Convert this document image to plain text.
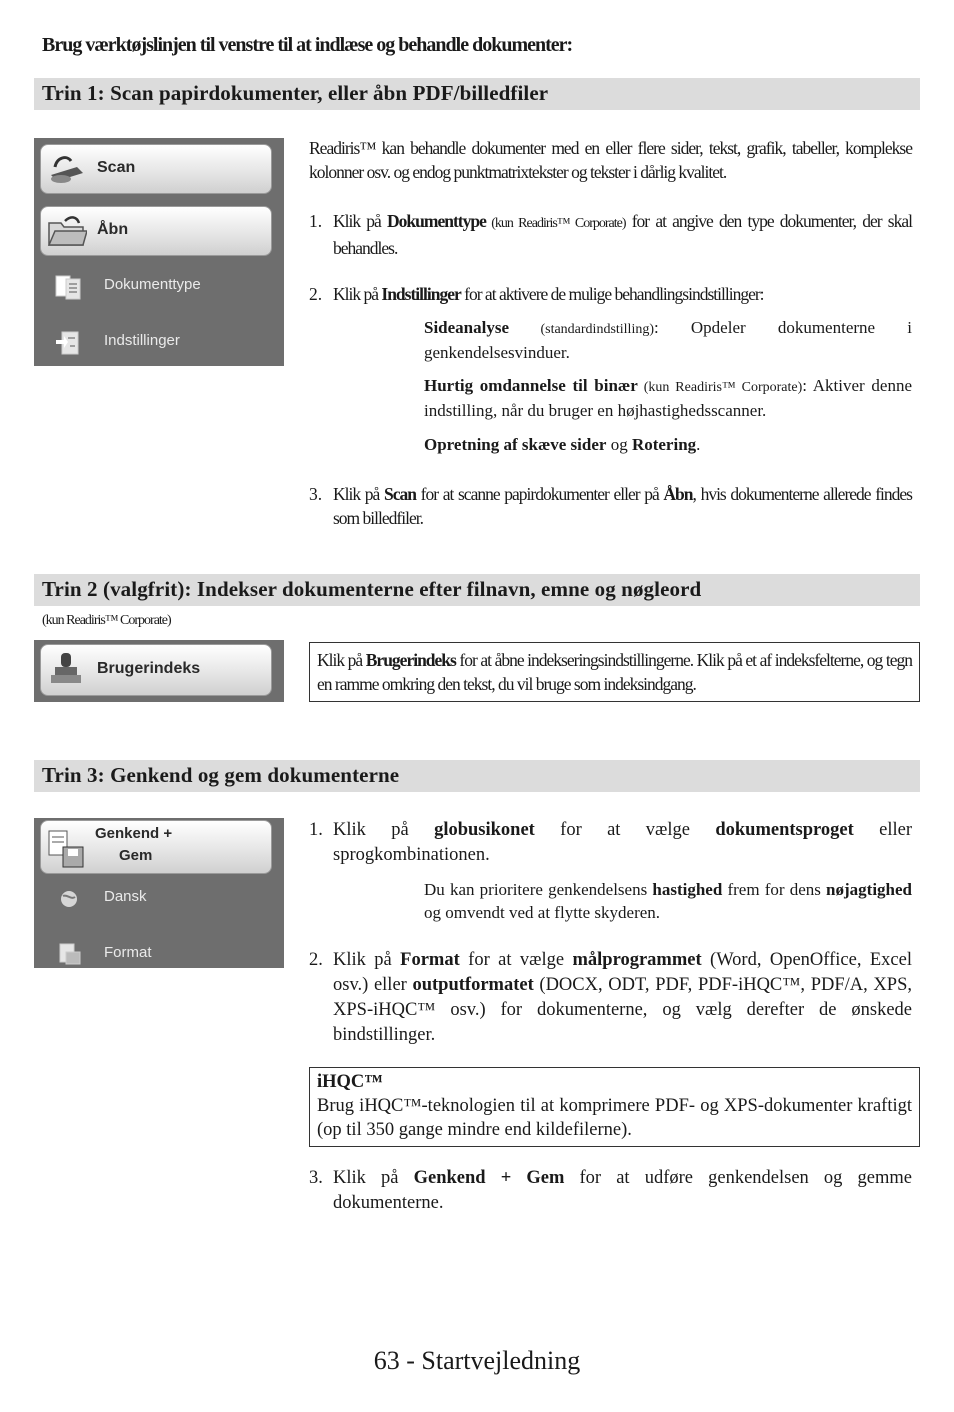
Brug værktøjslinjen til venstre til at indlæse og behandle dokumenter:
Trin 1: Scan papirdokumenter, eller åbn PDF/billedfiler
Scan
Åbn
Dokumenttype
Indstillinger
Readiris™ kan behandle dokumenter med en eller flere sider, tekst, grafik, tabeller, komplekse kolonner osv. og endog punktmatrixtekster og tekster i dårlig kvalitet.
1. Klik på Dokumenttype (kun Readiris™ Corporate) for at angive den type dokumenter, der skal behandles.
2. Klik på Indstillinger for at aktivere de mulige behandlingsindstillinger:
Sideanalyse (standardindstilling): Opdeler dokumenterne i genkendelsesvinduer.
Hurtig omdannelse til binær (kun Readiris™ Corporate): Aktiver denne indstilling, når du bruger en højhastighedsscanner.
Opretning af skæve sider og Rotering.
3. Klik på Scan for at scanne papirdokumenter eller på Åbn, hvis dokumenterne allerede findes som billedfiler.
Trin 2 (valgfrit): Indekser dokumenterne efter filnavn, emne og nøgleord
(kun Readiris™ Corporate)
Brugerindeks	Klik på Brugerindeks for at åbne indekseringsindstillingerne. Klik på et af indeksfelterne, og tegn en ramme omkring den tekst, du vil bruge som indeksindgang.
Trin 3: Genkend og gem dokumenterne
Genkend +
Gem
Dansk
Format
1. Klik på globusikonet for at vælge dokumentsproget eller sprogkombinationen.
Du kan prioritere genkendelsens hastighed frem for dens nøjagtighed og omvendt ved at flytte skyderen.
2. Klik på Format for at vælge målprogrammet (Word, OpenOffice, Excel osv.) eller outputformatet (DOCX, ODT, PDF, PDF-iHQC™, PDF/A, XPS, XPS-iHQC™ osv.) for dokumenterne, og vælg derefter de ønskede bindstillinger.
iHQC™
Brug iHQC™-teknologien til at komprimere PDF- og XPS-dokumenter kraftigt (op til 350 gange mindre end kildefilerne).
3. Klik på Genkend + Gem for at udføre genkendelsen og gemme dokumenterne.
63 - Startvejledning
